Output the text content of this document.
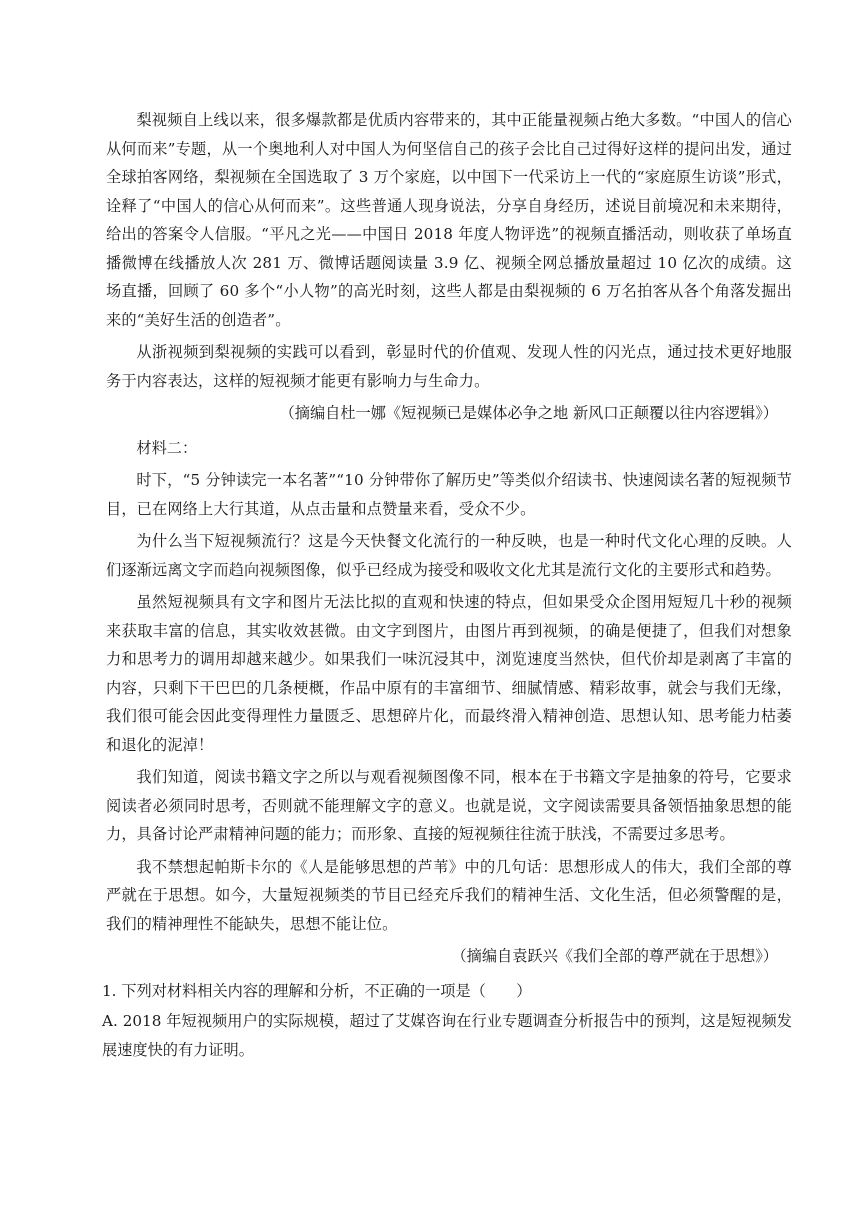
梨视频自上线以来，很多爆款都是优质内容带来的，其中正能量视频占绝大多数。“中国人的信心从何而来”专题，从一个奥地利人对中国人为何坚信自己的孩子会比自己过得好这样的提问出发，通过全球拍客网络，梨视频在全国选取了 3 万个家庭，以中国下一代采访上一代的“家庭原生访谈”形式，诠释了“中国人的信心从何而来”。这些普通人现身说法，分享自身经历，述说目前境况和未来期待，给出的答案令人信服。“平凡之光——中国日 2018 年度人物评选”的视频直播活动，则收获了单场直播微博在线播放人次 281 万、微博话题阅读量 3.9 亿、视频全网总播放量超过 10 亿次的成绩。这场直播，回顾了 60 多个“小人物”的高光时刻，这些人都是由梨视频的 6 万名拍客从各个角落发掘出来的“美好生活的创造者”。

从浙视频到梨视频的实践可以看到，彰显时代的价值观、发现人性的闪光点，通过技术更好地服务于内容表达，这样的短视频才能更有影响力与生命力。

（摘编自杜一娜《短视频已是媒体必争之地 新风口正颠覆以往内容逻辑》）

材料二：

时下，“5 分钟读完一本名著”“10 分钟带你了解历史”等类似介绍读书、快速阅读名著的短视频节目，已在网络上大行其道，从点击量和点赞量来看，受众不少。

为什么当下短视频流行？这是今天快餐文化流行的一种反映，也是一种时代文化心理的反映。人们逐渐远离文字而趋向视频图像，似乎已经成为接受和吸收文化尤其是流行文化的主要形式和趋势。

虽然短视频具有文字和图片无法比拟的直观和快速的特点，但如果受众企图用短短几十秒的视频来获取丰富的信息，其实收效甚微。由文字到图片，由图片再到视频，的确是便捷了，但我们对想象力和思考力的调用却越来越少。如果我们一味沉浸其中，浏览速度当然快，但代价却是剥离了丰富的内容，只剩下干巴巴的几条梗概，作品中原有的丰富细节、细腻情感、精彩故事，就会与我们无缘，我们很可能会因此变得理性力量匮乏、思想碎片化，而最终滑入精神创造、思想认知、思考能力枯萎和退化的泥淖！

我们知道，阅读书籍文字之所以与观看视频图像不同，根本在于书籍文字是抽象的符号，它要求阅读者必须同时思考，否则就不能理解文字的意义。也就是说，文字阅读需要具备领悟抽象思想的能力，具备讨论严肃精神问题的能力；而形象、直接的短视频往往流于肤浅，不需要过多思考。

我不禁想起帕斯卡尔的《人是能够思想的芦苇》中的几句话：思想形成人的伟大，我们全部的尊严就在于思想。如今，大量短视频类的节目已经充斥我们的精神生活、文化生活，但必须警醒的是，我们的精神理性不能缺失，思想不能让位。

（摘编自袁跃兴《我们全部的尊严就在于思想》）

1. 下列对材料相关内容的理解和分析，不正确的一项是（　　）

A. 2018 年短视频用户的实际规模，超过了艾媒咨询在行业专题调查分析报告中的预判，这是短视频发展速度快的有力证明。
